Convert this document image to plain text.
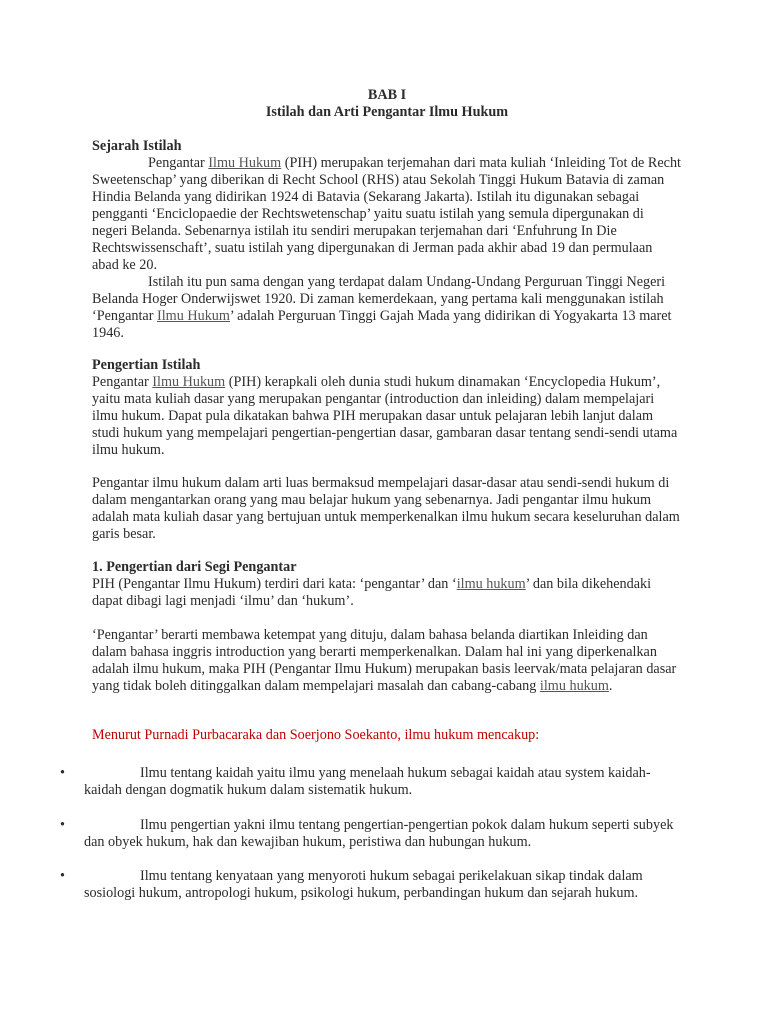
BAB I

Istilah dan Arti Pengantar Ilmu Hukum

Sejarah Istilah

Pengantar Ilmu Hukum (PIH) merupakan terjemahan dari mata kuliah ‘Inleiding Tot de Recht Sweetenschap’ yang diberikan di Recht School (RHS) atau Sekolah Tinggi Hukum Batavia di zaman Hindia Belanda yang didirikan 1924 di Batavia (Sekarang Jakarta). Istilah itu digunakan sebagai pengganti ‘Enciclopaedie der Rechtswetenschap’ yaitu suatu istilah yang semula dipergunakan di negeri Belanda. Sebenarnya istilah itu sendiri merupakan terjemahan dari ‘Enfuhrung In Die Rechtswissenschaft’, suatu istilah yang dipergunakan di Jerman pada akhir abad 19 dan permulaan abad ke 20.

Istilah itu pun sama dengan yang terdapat dalam Undang-Undang Perguruan Tinggi Negeri Belanda Hoger Onderwijswet 1920. Di zaman kemerdekaan, yang pertama kali menggunakan istilah ‘Pengantar Ilmu Hukum’ adalah Perguruan Tinggi Gajah Mada yang didirikan di Yogyakarta 13 maret 1946.

Pengertian Istilah

Pengantar Ilmu Hukum (PIH) kerapkali oleh dunia studi hukum dinamakan ‘Encyclopedia Hukum’, yaitu mata kuliah dasar yang merupakan pengantar (introduction dan inleiding) dalam mempelajari ilmu hukum. Dapat pula dikatakan bahwa PIH merupakan dasar untuk pelajaran lebih lanjut dalam studi hukum yang mempelajari pengertian-pengertian dasar, gambaran dasar tentang sendi-sendi utama ilmu hukum.

Pengantar ilmu hukum dalam arti luas bermaksud mempelajari dasar-dasar atau sendi-sendi hukum di dalam mengantarkan orang yang mau belajar hukum yang sebenarnya. Jadi pengantar ilmu hukum adalah mata kuliah dasar yang bertujuan untuk memperkenalkan ilmu hukum secara keseluruhan dalam garis besar.

1. Pengertian dari Segi Pengantar

PIH (Pengantar Ilmu Hukum) terdiri dari kata: ‘pengantar’ dan ‘ilmu hukum’ dan bila dikehendaki dapat dibagi lagi menjadi ‘ilmu’ dan ‘hukum’.

‘Pengantar’ berarti membawa ketempat yang dituju, dalam bahasa belanda diartikan Inleiding dan dalam bahasa inggris introduction yang berarti memperkenalkan. Dalam hal ini yang diperkenalkan adalah ilmu hukum, maka PIH (Pengantar Ilmu Hukum) merupakan basis leervak/mata pelajaran dasar yang tidak boleh ditinggalkan dalam mempelajari masalah dan cabang-cabang ilmu hukum.

Menurut Purnadi Purbacaraka dan Soerjono Soekanto, ilmu hukum mencakup:

•	Ilmu tentang kaidah yaitu ilmu yang menelaah hukum sebagai kaidah atau system kaidah-kaidah dengan dogmatik hukum dalam sistematik hukum.

•	Ilmu pengertian yakni ilmu tentang pengertian-pengertian pokok dalam hukum seperti subyek dan obyek hukum, hak dan kewajiban hukum, peristiwa dan hubungan hukum.

•	Ilmu tentang kenyataan yang menyoroti hukum sebagai perikelakuan sikap tindak dalam sosiologi hukum, antropologi hukum, psikologi hukum, perbandingan hukum dan sejarah hukum.
